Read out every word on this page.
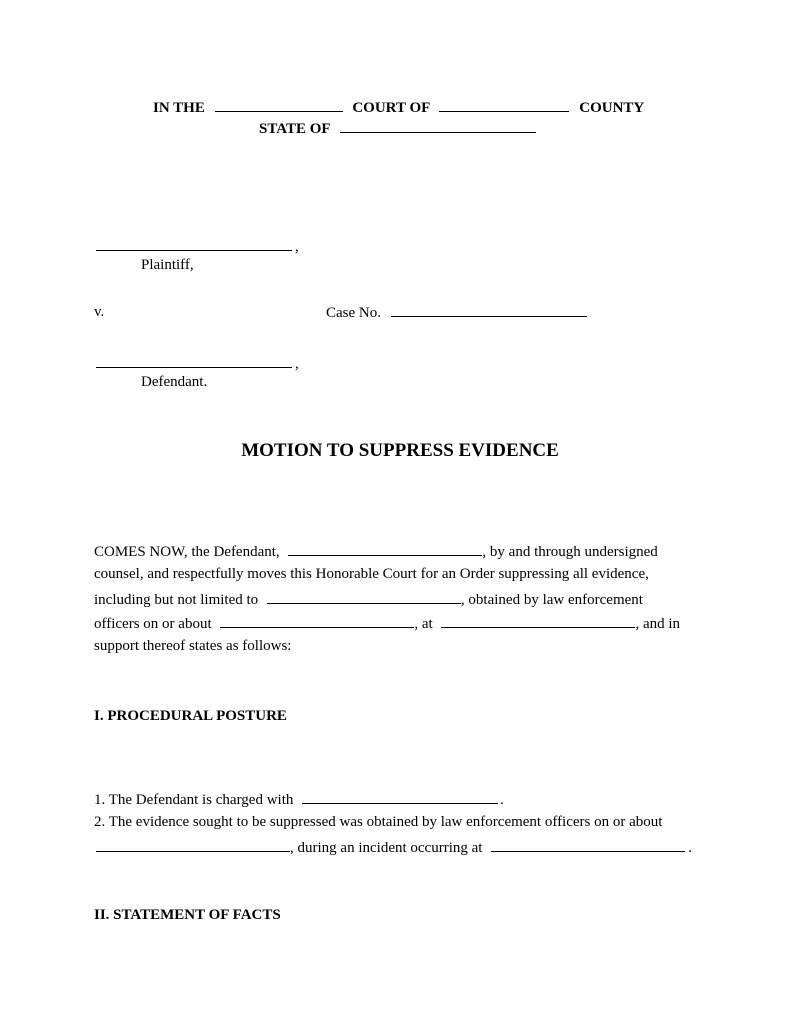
IN THE	COURT OF	COUNTY
STATE OF
,
Plaintiff,
v.	Case No.
,
Defendant.
MOTION TO SUPPRESS EVIDENCE
COMES NOW, the Defendant,	, by and through undersigned
counsel, and respectfully moves this Honorable Court for an Order suppressing all evidence,
including but not limited to	, obtained by law enforcement
officers on or about	, at	, and in
support thereof states as follows:
I. PROCEDURAL POSTURE
1. The Defendant is charged with	.
2. The evidence sought to be suppressed was obtained by law enforcement officers on or about
, during an incident occurring at	.
II. STATEMENT OF FACTS
